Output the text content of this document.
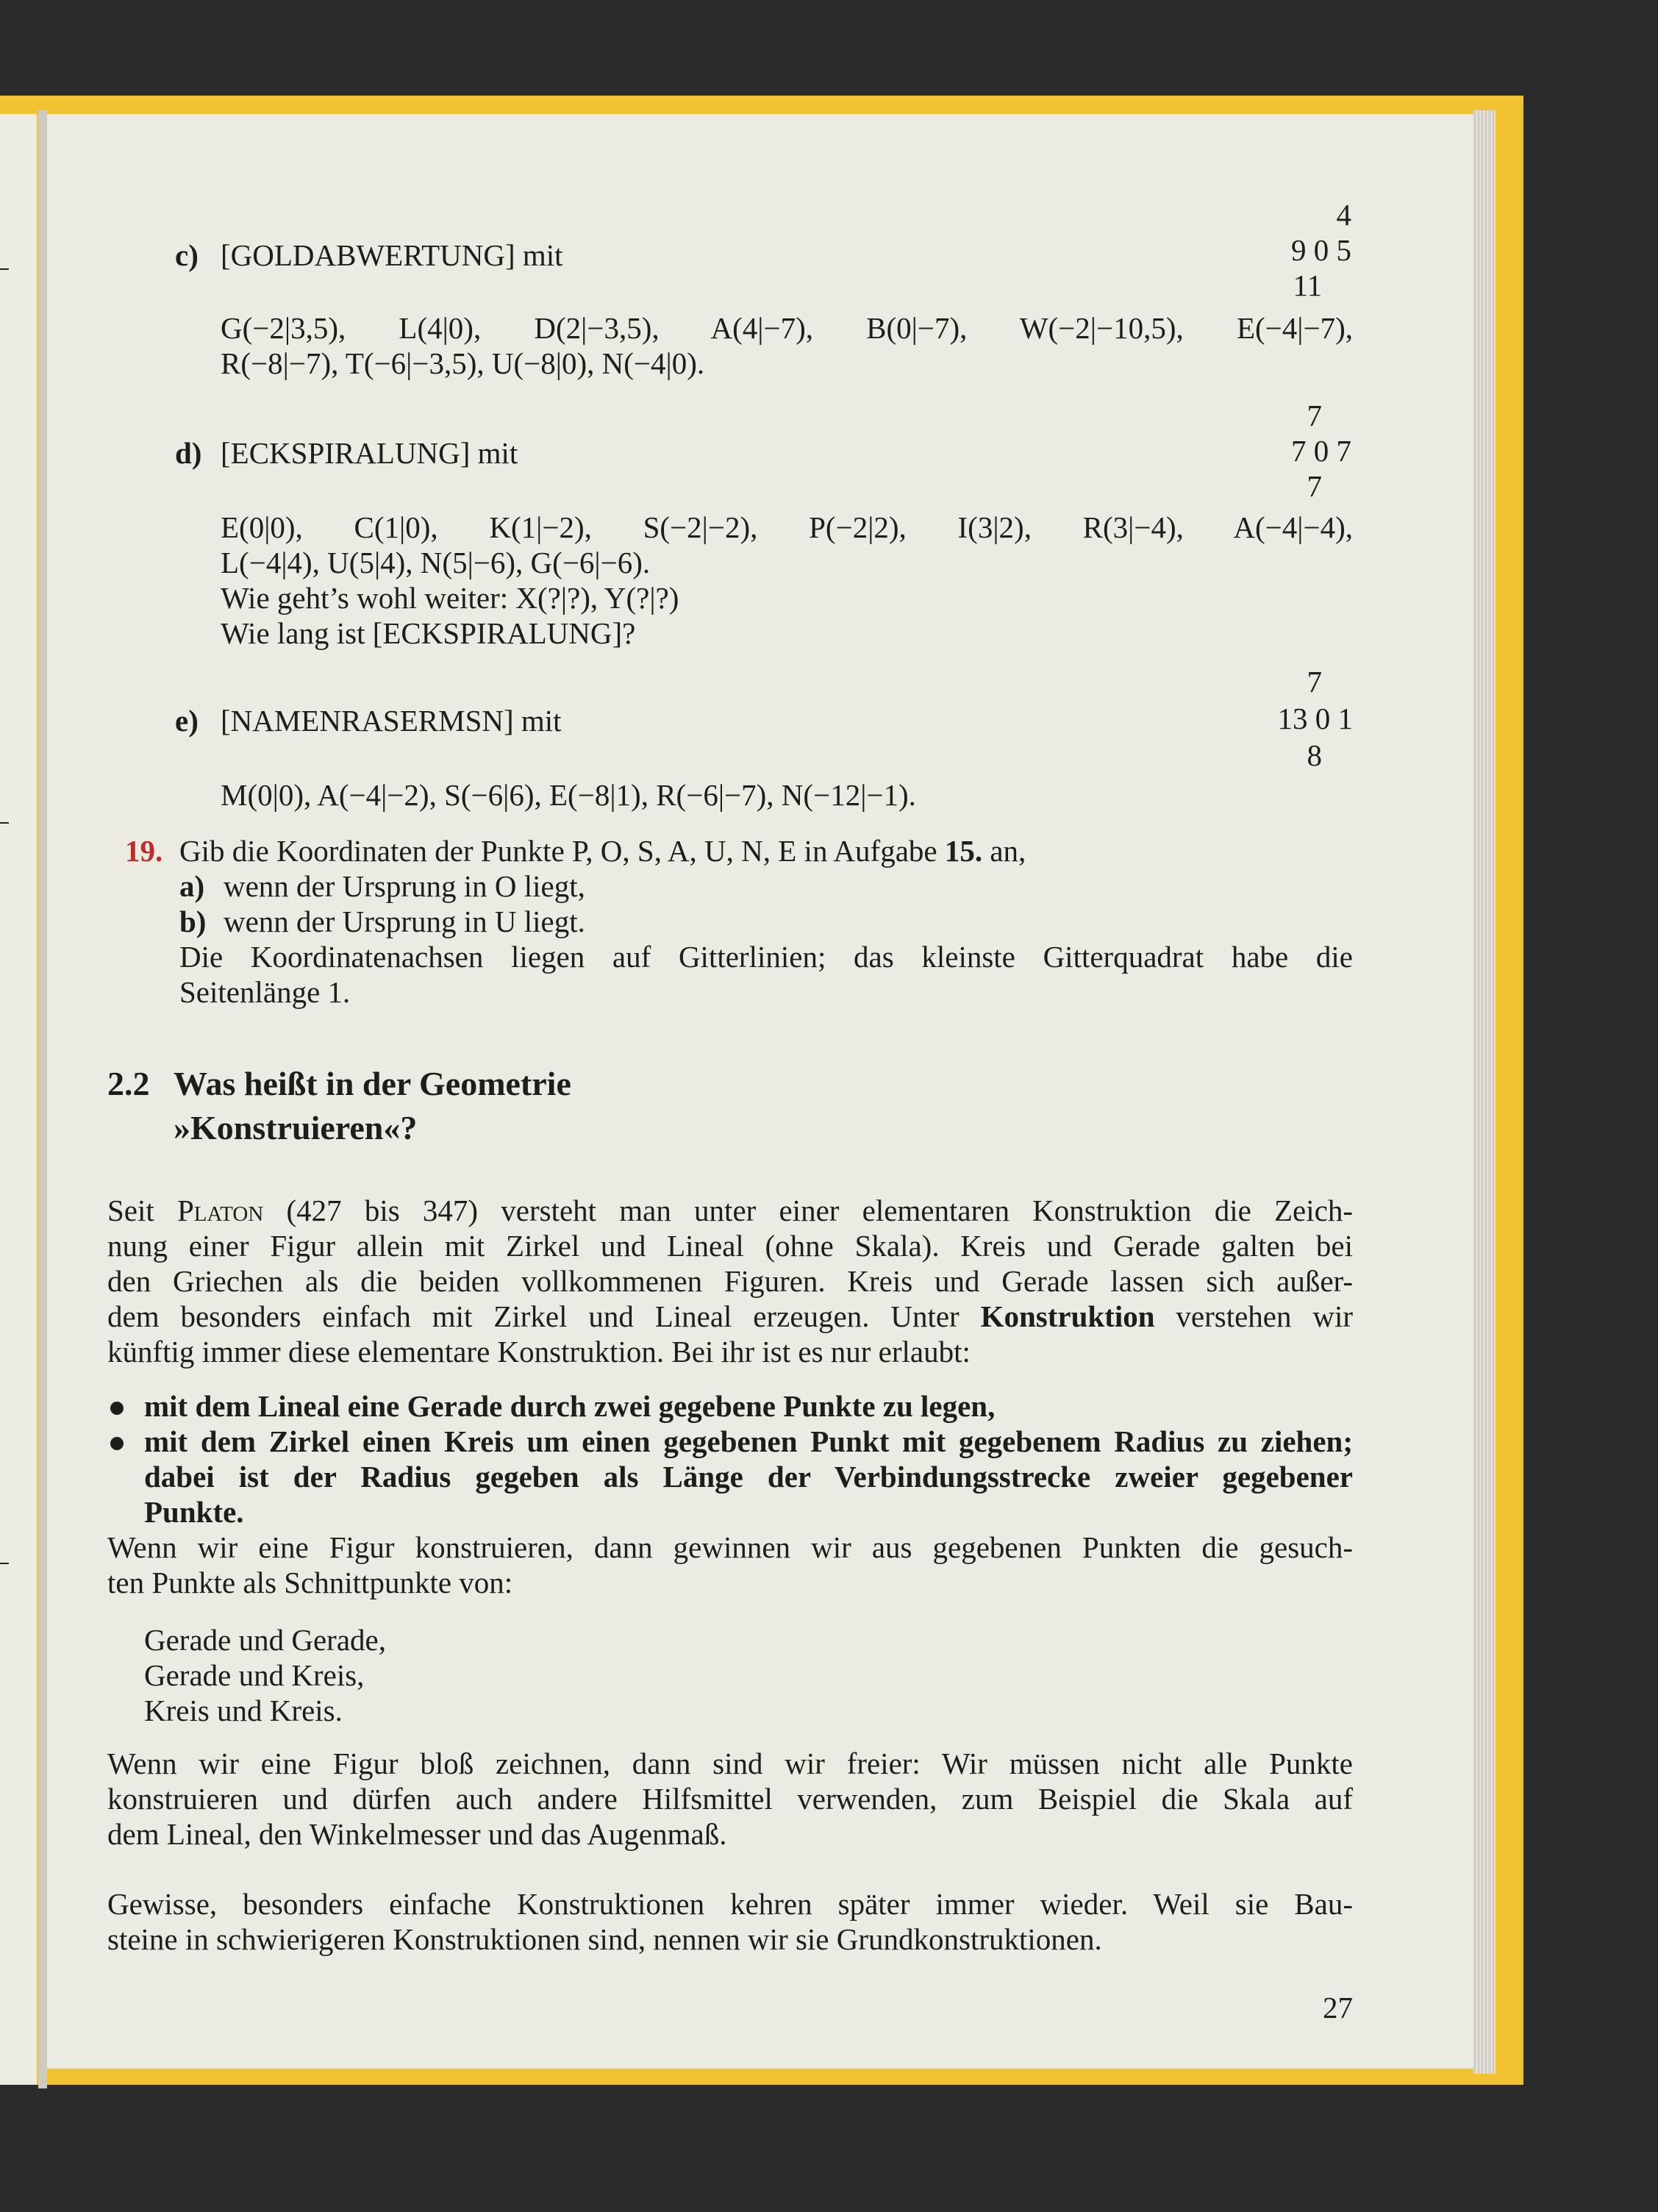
c) [GOLDABWERTUNG] mit
4
9 0 5
11
G(−2|3,5), L(4|0), D(2|−3,5), A(4|−7), B(0|−7), W(−2|−10,5), E(−4|−7),
R(−8|−7), T(−6|−3,5), U(−8|0), N(−4|0).
7
7 0 7
7
d) [ECKSPIRALUNG] mit
E(0|0), C(1|0), K(1|−2), S(−2|−2), P(−2|2), I(3|2), R(3|−4), A(−4|−4),
L(−4|4), U(5|4), N(5|−6), G(−6|−6).
Wie geht’s wohl weiter: X(?|?), Y(?|?)
Wie lang ist [ECKSPIRALUNG]?
7
13 0 1
8
e) [NAMENRASERMSN] mit
M(0|0), A(−4|−2), S(−6|6), E(−8|1), R(−6|−7), N(−12|−1).
19. Gib die Koordinaten der Punkte P, O, S, A, U, N, E in Aufgabe 15. an,
a) wenn der Ursprung in O liegt,
b) wenn der Ursprung in U liegt.
Die Koordinatenachsen liegen auf Gitterlinien; das kleinste Gitterquadrat habe die
Seitenlänge 1.
2.2 Was heißt in der Geometrie
»Konstruieren«?
Seit Platon (427 bis 347) versteht man unter einer elementaren Konstruktion die Zeich-
nung einer Figur allein mit Zirkel und Lineal (ohne Skala). Kreis und Gerade galten bei
den Griechen als die beiden vollkommenen Figuren. Kreis und Gerade lassen sich außer-
dem besonders einfach mit Zirkel und Lineal erzeugen. Unter Konstruktion verstehen wir
künftig immer diese elementare Konstruktion. Bei ihr ist es nur erlaubt:
mit dem Lineal eine Gerade durch zwei gegebene Punkte zu legen,
mit dem Zirkel einen Kreis um einen gegebenen Punkt mit gegebenem Radius zu ziehen;
dabei ist der Radius gegeben als Länge der Verbindungsstrecke zweier gegebener
Punkte.
Wenn wir eine Figur konstruieren, dann gewinnen wir aus gegebenen Punkten die gesuch-
ten Punkte als Schnittpunkte von:
Gerade und Gerade,
Gerade und Kreis,
Kreis und Kreis.
Wenn wir eine Figur bloß zeichnen, dann sind wir freier: Wir müssen nicht alle Punkte
konstruieren und dürfen auch andere Hilfsmittel verwenden, zum Beispiel die Skala auf
dem Lineal, den Winkelmesser und das Augenmaß.
Gewisse, besonders einfache Konstruktionen kehren später immer wieder. Weil sie Bau-
steine in schwierigeren Konstruktionen sind, nennen wir sie Grundkonstruktionen.
27
